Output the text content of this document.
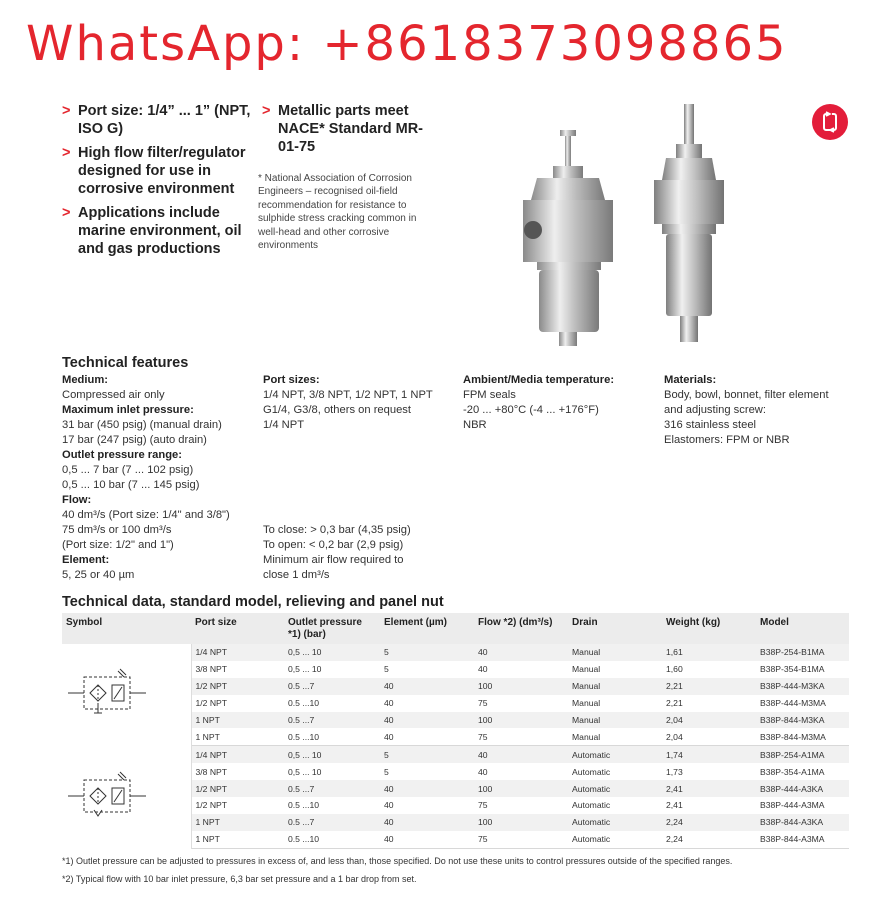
WhatsApp: +8618373098865
> Port size: 1/4” ... 1” (NPT, ISO G)
> High flow filter/regulator designed for use in corrosive environment
> Applications include marine environment, oil and gas productions
> Metallic parts meet NACE* Standard MR-01-75
* National Association of Corrosion Engineers – recognised oil-field recommendation for resistance to sulphide stress cracking common in well-head and other corrosive environments
Technical features
Medium:
Compressed air only
Maximum inlet pressure:
31 bar (450 psig) (manual drain)
17 bar (247 psig) (auto drain)
Outlet pressure range:
0,5 ... 7 bar (7 ... 102 psig)
0,5 ... 10 bar (7 ... 145 psig)
Flow:
40 dm³/s (Port size: 1/4" and 3/8")
75 dm³/s or 100 dm³/s
(Port size: 1/2" and 1")
Element:
5, 25 or 40 µm
Port sizes:
1/4 NPT, 3/8 NPT, 1/2 NPT, 1 NPT
G1/4, G3/8, others on request
1/4 NPT
To close: > 0,3 bar (4,35 psig)
To open: < 0,2 bar (2,9 psig)
Minimum air flow required to
close 1 dm³/s
Ambient/Media temperature:
FPM seals
-20 ... +80°C (-4 ... +176°F)
NBR
Materials:
Body, bowl, bonnet, filter element
and adjusting screw:
316 stainless steel
Elastomers: FPM or NBR
Technical data, standard model, relieving and panel nut
Symbol	Port size	Outlet pressure *1) (bar)	Element (µm)	Flow *2) (dm³/s)	Drain	Weight (kg)	Model
	1/4 NPT	0,5 ... 10	5	40	Manual	1,61	B38P-254-B1MA
	3/8 NPT	0,5 ... 10	5	40	Manual	1,60	B38P-354-B1MA
	1/2 NPT	0.5 ...7	40	100	Manual	2,21	B38P-444-M3KA
	1/2 NPT	0.5 ...10	40	75	Manual	2,21	B38P-444-M3MA
	1 NPT	0.5 ...7	40	100	Manual	2,04	B38P-844-M3KA
	1 NPT	0.5 ...10	40	75	Manual	2,04	B38P-844-M3MA
	1/4 NPT	0,5 ... 10	5	40	Automatic	1,74	B38P-254-A1MA
	3/8 NPT	0,5 ... 10	5	40	Automatic	1,73	B38P-354-A1MA
	1/2 NPT	0.5 ...7	40	100	Automatic	2,41	B38P-444-A3KA
	1/2 NPT	0.5 ...10	40	75	Automatic	2,41	B38P-444-A3MA
	1 NPT	0.5 ...7	40	100	Automatic	2,24	B38P-844-A3KA
	1 NPT	0.5 ...10	40	75	Automatic	2,24	B38P-844-A3MA
*1) Outlet pressure can be adjusted to pressures in excess of, and less than, those specified. Do not use these units to control pressures outside of the specified ranges.
*2) Typical flow with 10 bar inlet pressure, 6,3 bar set pressure and a 1 bar drop from set.
